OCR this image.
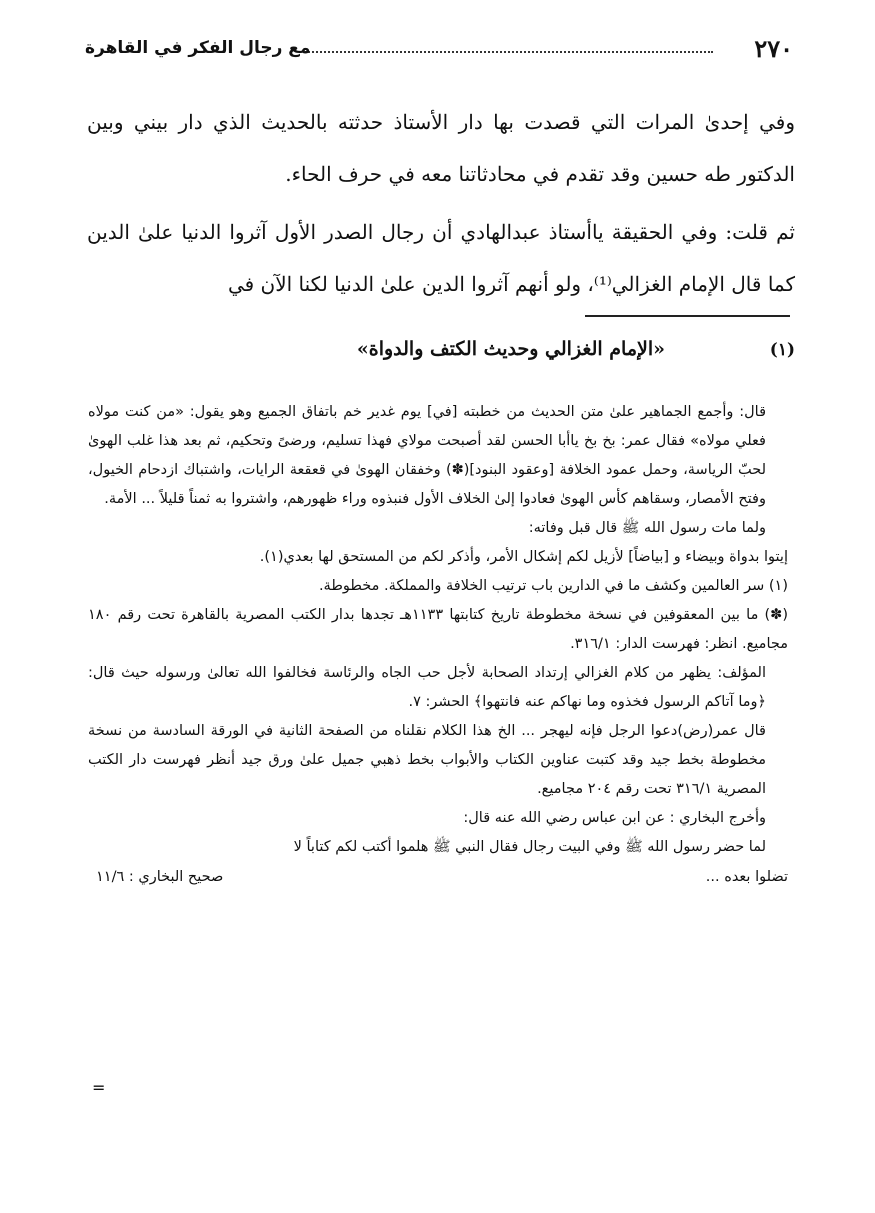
٢٧٠
مع رجال الفكر في القاهرة

وفي إحدىٰ المرات التي قصدت بها دار الأستاذ حدثته بالحديث الذي دار بيني وبين الدكتور طه حسين وقد تقدم في محادثاتنا معه في حرف الحاء.

ثم قلت: وفي الحقيقة ياأستاذ عبدالهادي أن رجال الصدر الأول آثروا الدنيا علىٰ الدين كما قال الإمام الغزالي⁽¹⁾، ولو أنهم آثروا الدين علىٰ الدنيا لكنا الآن في

(١)
«الإمام الغزالي وحديث الكتف والدواة»

قال: وأجمع الجماهير علىٰ متن الحديث من خطبته [في] يوم غدير خم باتفاق الجميع وهو يقول: «من كنت مولاه فعلي مولاه» فقال عمر: بخ بخ ياأبا الحسن لقد أصبحت مولاي فهذا تسليم، ورضىً وتحكيم، ثم بعد هذا غلب الهوىٰ لحبّ الرياسة، وحمل عمود الخلافة [وعقود البنود](✽) وخفقان الهوىٰ في قعقعة الرايات، واشتباك ازدحام الخيول، وفتح الأمصار، وسقاهم كأس الهوىٰ فعادوا إلىٰ الخلاف الأول فنبذوه وراء ظهورهم، واشتروا به ثمناً قليلاً ... الأمة.

ولما مات رسول الله ﷺ قال قبل وفاته:

إيتوا بدواة وبيضاء و [بياضاً] لأزيل لكم إشكال الأمر، وأذكر لكم من المستحق لها بعدي(١).

(١) سر العالمين وكشف ما في الدارين باب ترتيب الخلافة والمملكة. مخطوطة.

(✽) ما بين المعقوفين في نسخة مخطوطة تاريخ كتابتها ١١٣٣هـ تجدها بدار الكتب المصرية بالقاهرة تحت رقم ١٨٠ مجاميع. انظر: فهرست الدار: ٣١٦/١.

المؤلف: يظهر من كلام الغزالي إرتداد الصحابة لأجل حب الجاه والرئاسة فخالفوا الله تعالىٰ ورسوله حيث قال: ﴿وما آتاكم الرسول فخذوه وما نهاكم عنه فانتهوا﴾ الحشر: ٧.

قال عمر(رض)دعوا الرجل فإنه ليهجر ... الخ هذا الكلام نقلناه من الصفحة الثانية في الورقة السادسة من نسخة مخطوطة بخط جيد وقد كتبت عناوين الكتاب والأبواب بخط ذهبي جميل علىٰ ورق جيد أنظر فهرست دار الكتب المصرية ٣١٦/١ تحت رقم ٢٠٤ مجاميع.

وأخرج البخاري : عن ابن عباس رضي الله عنه قال:

لما حضر رسول الله ﷺ وفي البيت رجال فقال النبي ﷺ هلموا أكتب لكم كتاباً لا
تضلوا بعده ...
صحيح البخاري : ١١/٦
=
